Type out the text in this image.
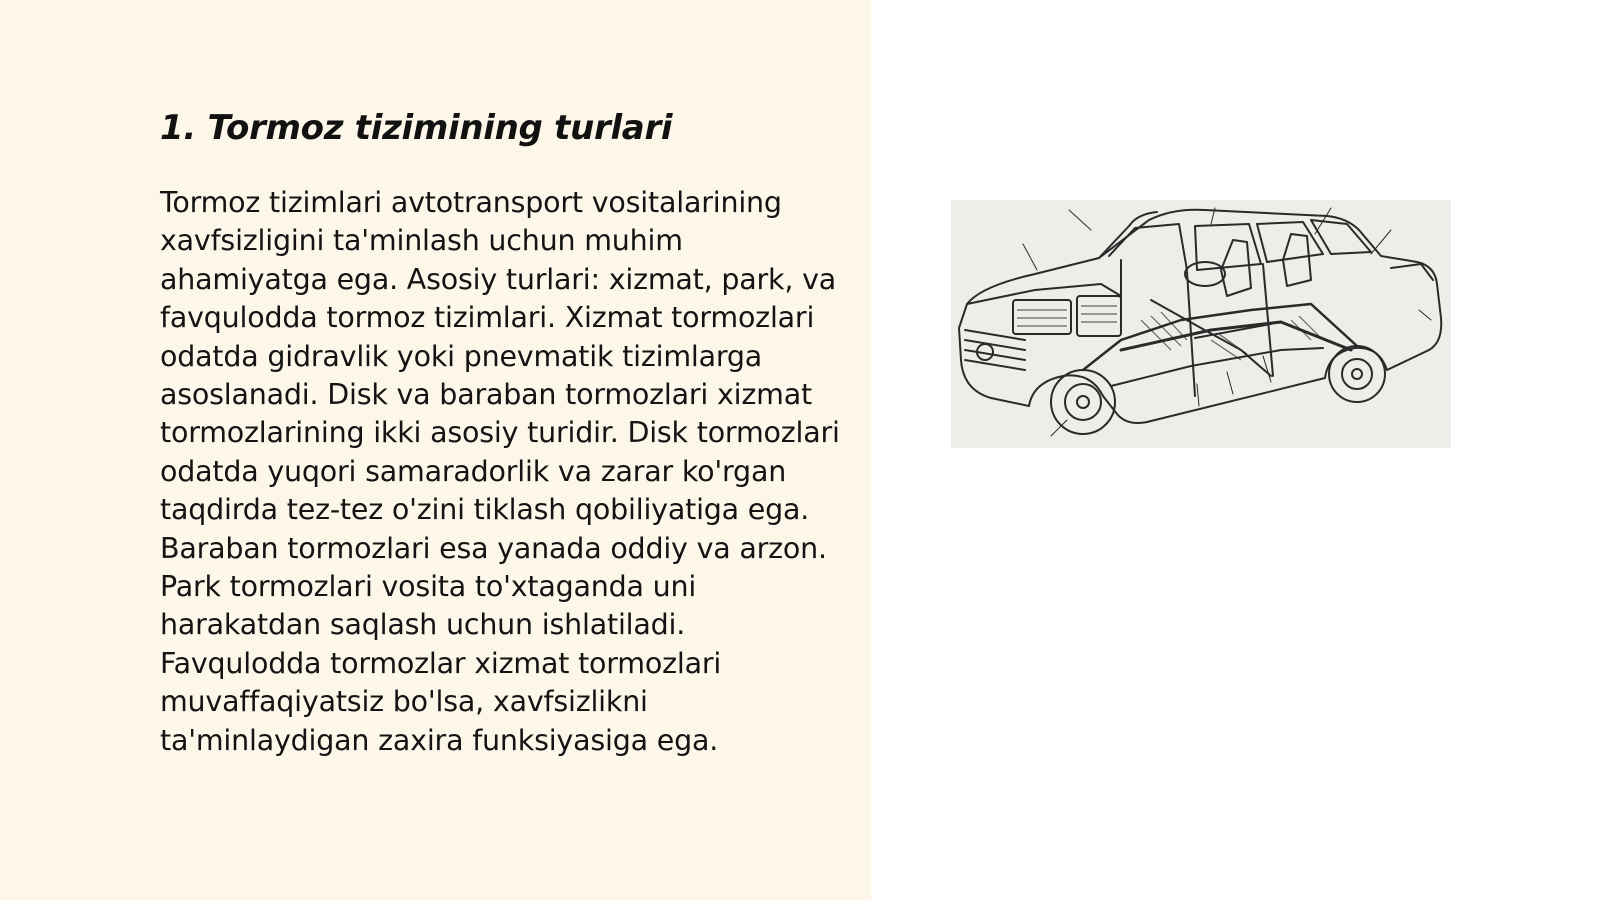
1. Tormoz tizimining turlari

Tormoz tizimlari avtotransport vositalarining xavfsizligini ta'minlash uchun muhim ahamiyatga ega. Asosiy turlari: xizmat, park, va favqulodda tormoz tizimlari. Xizmat tormozlari odatda gidravlik yoki pnevmatik tizimlarga asoslanadi. Disk va baraban tormozlari xizmat tormozlarining ikki asosiy turidir. Disk tormozlari odatda yuqori samaradorlik va zarar ko'rgan taqdirda tez-tez o'zini tiklash qobiliyatiga ega. Baraban tormozlari esa yanada oddiy va arzon. Park tormozlari vosita to'xtaganda uni harakatdan saqlash uchun ishlatiladi. Favqulodda tormozlar xizmat tormozlari muvaffaqiyatsiz bo'lsa, xavfsizlikni ta'minlaydigan zaxira funksiyasiga ega.
